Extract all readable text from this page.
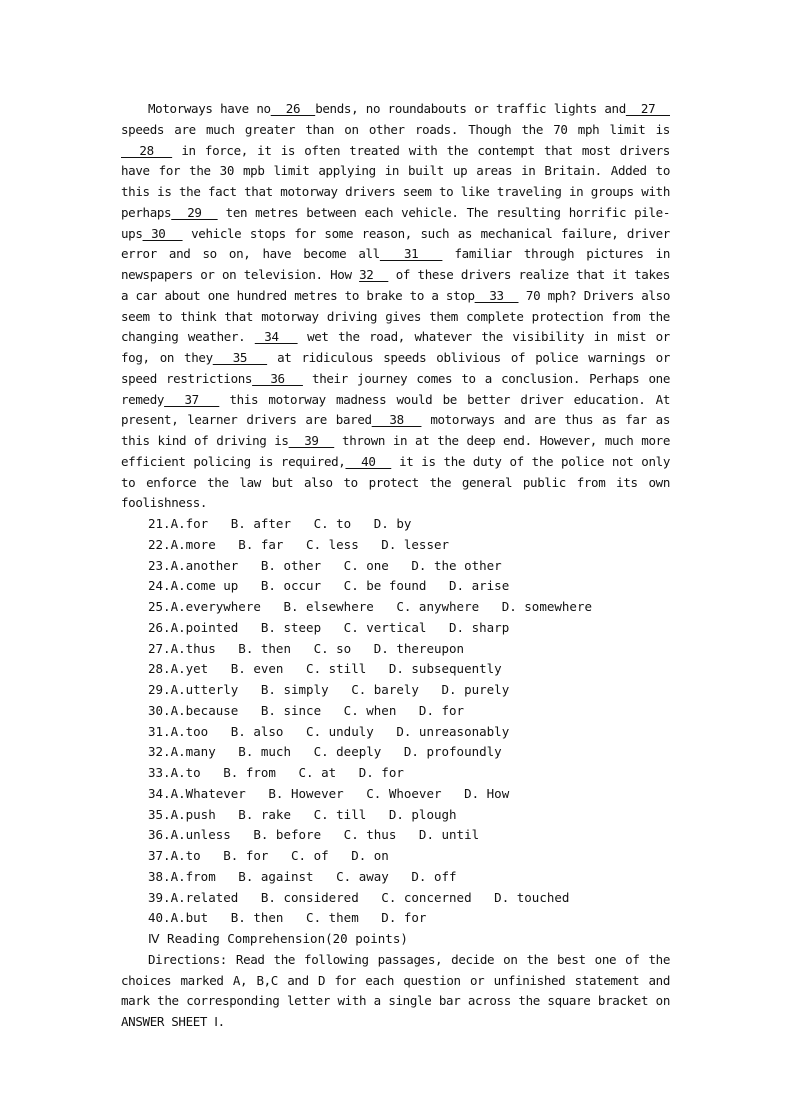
Motorways have no  26  bends, no roundabouts or traffic lights and  27   speeds are much greater than on other roads. Though the 70 mph limit is  28   in force, it is often treated with the contempt that most drivers have for the 30 mpb limit applying in built up areas in Britain. Added to this is the fact that motorway drivers seem to like traveling in groups with perhaps  29   ten metres between each vehicle. The resulting horrific pile-ups 30   vehicle stops for some reason, such as mechanical failure, driver error and so on, have become all  31   familiar through pictures in newspapers or on television. How 32   of these drivers realize that it takes a car about one hundred metres to brake to a stop  33   70 mph? Drivers also seem to think that motorway driving gives them complete protection from the changing weather.  34   wet the road, whatever the visibility in mist or fog, on they  35   at ridiculous speeds oblivious of police warnings or speed restrictions  36   their journey comes to a conclusion. Perhaps one remedy  37   this motorway madness would be better driver education. At present, learner drivers are bared  38   motorways and are thus as far as this kind of driving is  39   thrown in at the deep end. However, much more efficient policing is required,  40   it is the duty of the police not only to enforce the law but also to protect the general public from its own foolishness.

21.A.for   B. after   C. to   D. by

22.A.more   B. far   C. less   D. lesser

23.A.another   B. other   C. one   D. the other

24.A.come up   B. occur   C. be found   D. arise

25.A.everywhere   B. elsewhere   C. anywhere   D. somewhere

26.A.pointed   B. steep   C. vertical   D. sharp

27.A.thus   B. then   C. so   D. thereupon

28.A.yet   B. even   C. still   D. subsequently

29.A.utterly   B. simply   C. barely   D. purely

30.A.because   B. since   C. when   D. for

31.A.too   B. also   C. unduly   D. unreasonably

32.A.many   B. much   C. deeply   D. profoundly

33.A.to   B. from   C. at   D. for

34.A.Whatever   B. However   C. Whoever   D. How

35.A.push   B. rake   C. till   D. plough

36.A.unless   B. before   C. thus   D. until

37.A.to   B. for   C. of   D. on

38.A.from   B. against   C. away   D. off

39.A.related   B. considered   C. concerned   D. touched

40.A.but   B. then   C. them   D. for

Ⅳ Reading Comprehension(20 points)

Directions: Read the following passages, decide on the best one of the choices marked A, B,C and D for each question or unfinished statement and mark the corresponding letter with a single bar across the square bracket on ANSWER SHEET Ⅰ.
